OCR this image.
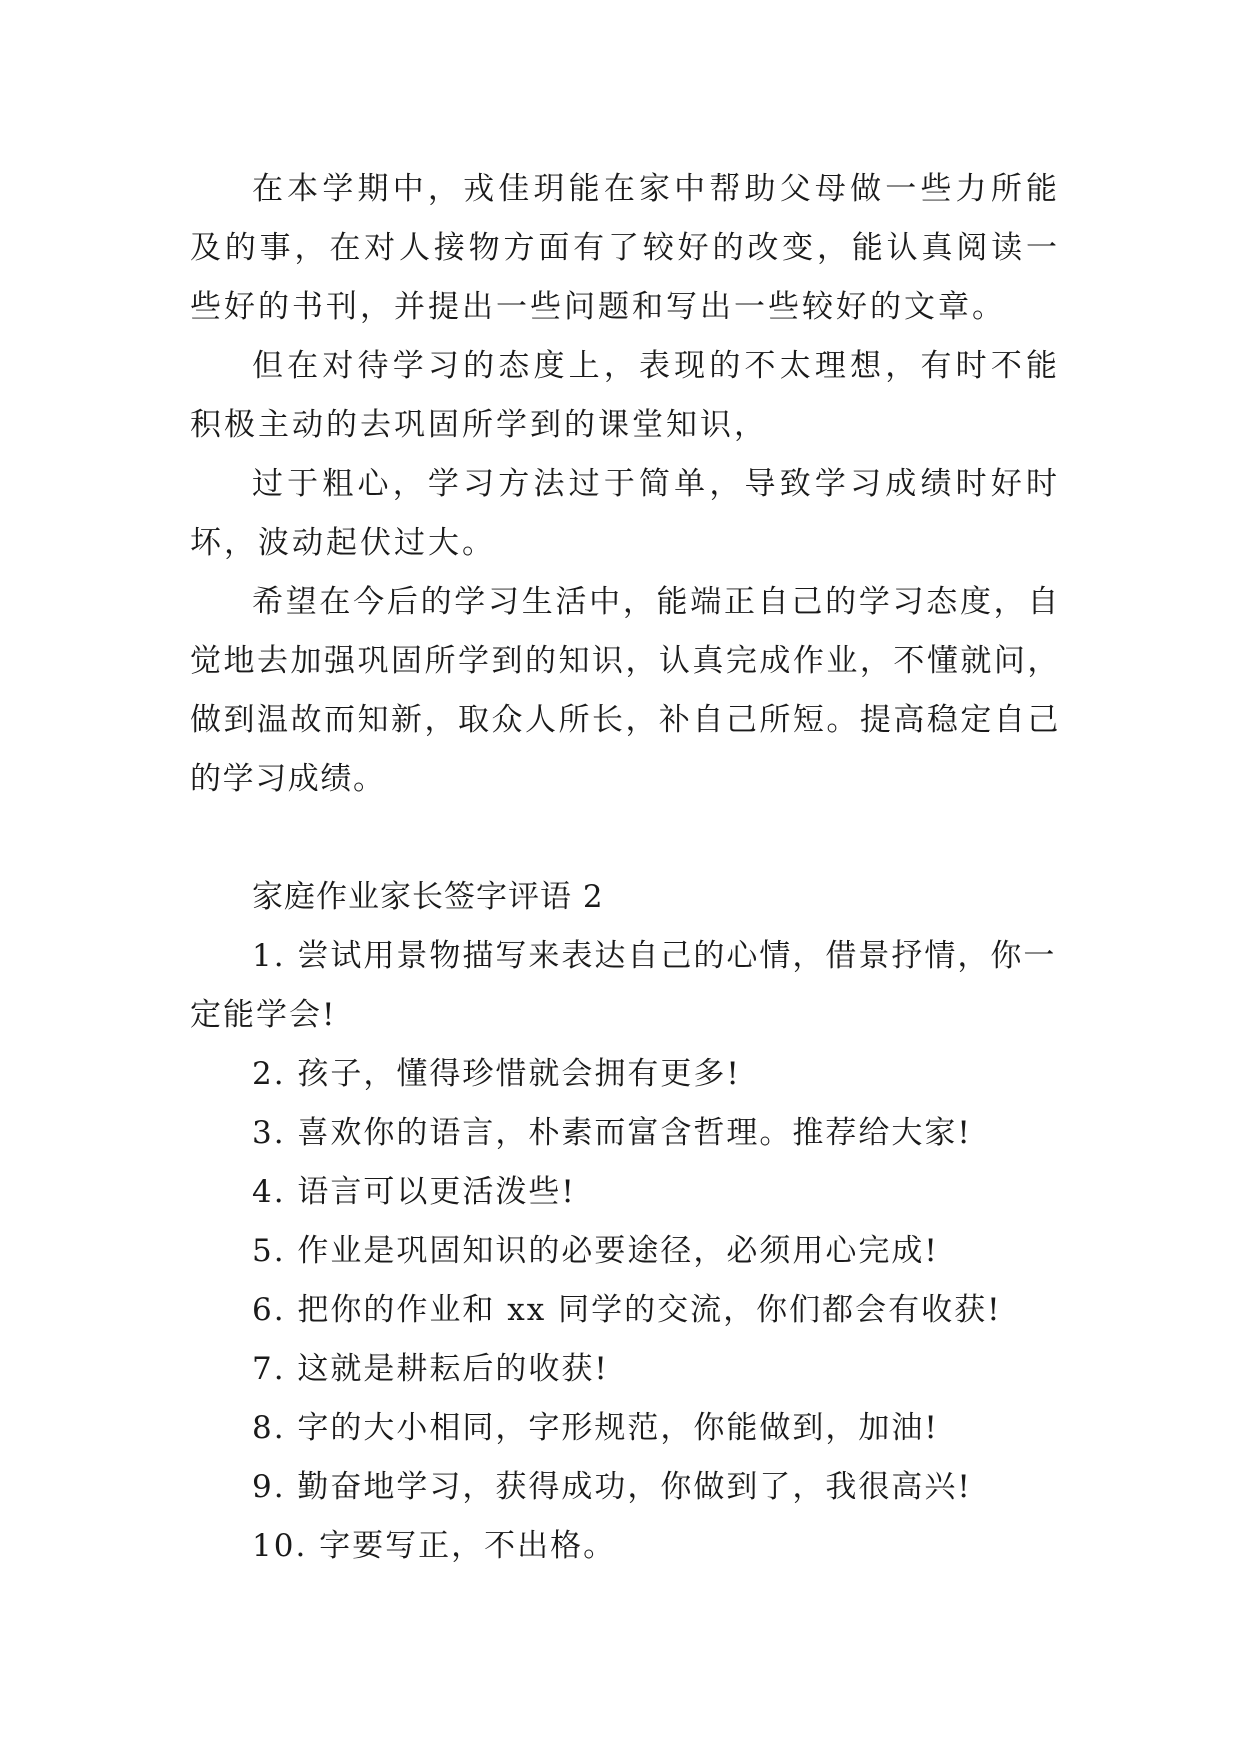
在本学期中，戎佳玥能在家中帮助父母做一些力所能及的事，在对人接物方面有了较好的改变，能认真阅读一些好的书刊，并提出一些问题和写出一些较好的文章。

但在对待学习的态度上，表现的不太理想，有时不能积极主动的去巩固所学到的课堂知识，

过于粗心，学习方法过于简单，导致学习成绩时好时坏，波动起伏过大。

希望在今后的学习生活中，能端正自己的学习态度，自觉地去加强巩固所学到的知识，认真完成作业，不懂就问，做到温故而知新，取众人所长，补自己所短。提高稳定自己的学习成绩。

家庭作业家长签字评语 2

1. 尝试用景物描写来表达自己的心情，借景抒情，你一定能学会!

2. 孩子，懂得珍惜就会拥有更多!

3. 喜欢你的语言，朴素而富含哲理。推荐给大家!

4. 语言可以更活泼些!

5. 作业是巩固知识的必要途径，必须用心完成!

6. 把你的作业和 xx 同学的交流，你们都会有收获!

7. 这就是耕耘后的收获!

8. 字的大小相同，字形规范，你能做到，加油!

9. 勤奋地学习，获得成功，你做到了，我很高兴!

10. 字要写正，不出格。
